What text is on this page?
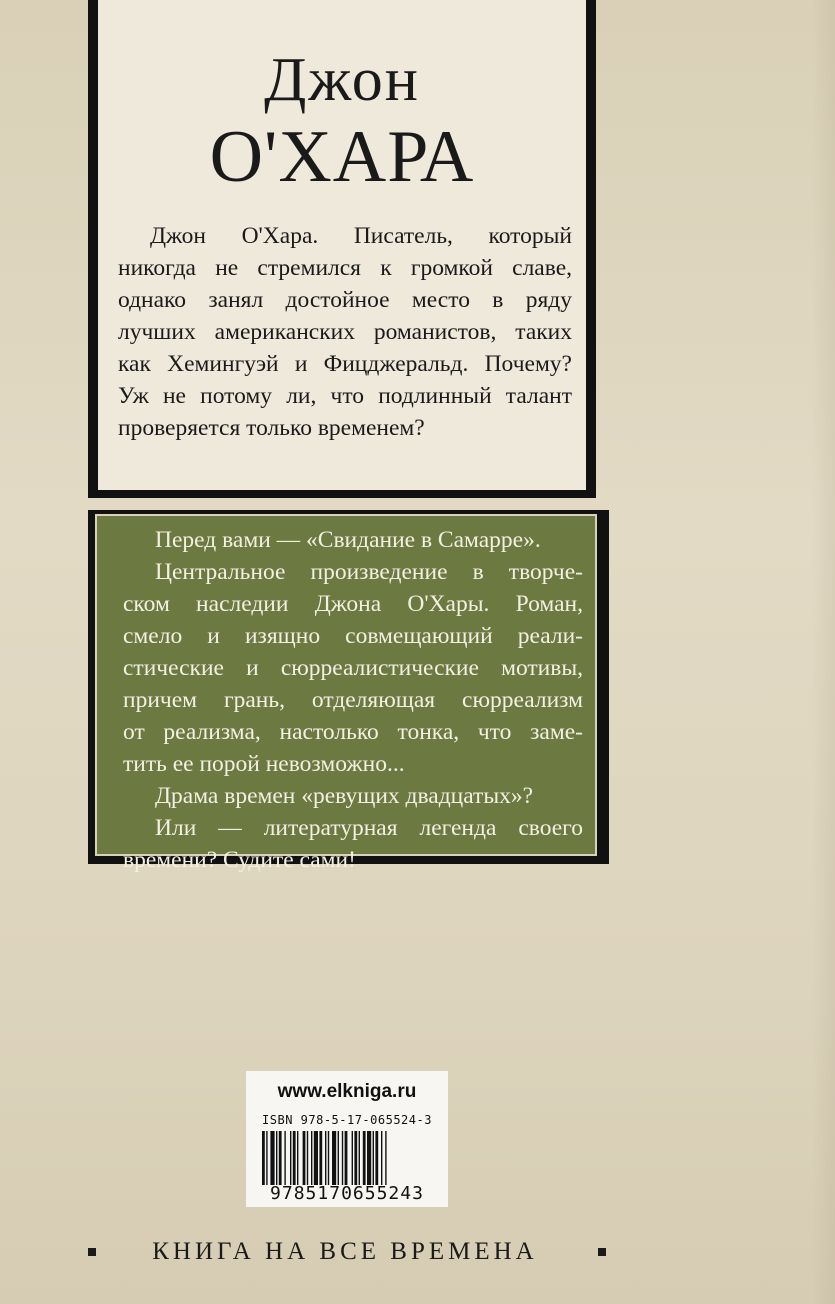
Джон
О'ХАРА
Джон О'Хара. Писатель, который
никогда не стремился к громкой славе,
однако занял достойное место в ряду
лучших американских романистов, таких
как Хемингуэй и Фицджеральд. Почему?
Уж не потому ли, что подлинный талант
проверяется только временем?
Перед вами — «Свидание в Самарре».
Центральное произведение в творче-
ском наследии Джона О'Хары. Роман,
смело и изящно совмещающий реали-
стические и сюрреалистические мотивы,
причем грань, отделяющая сюрреализм
от реализма, настолько тонка, что заме-
тить ее порой невозможно...
Драма времен «ревущих двадцатых»?
Или — литературная легенда своего
времени? Судите сами!
www.elkniga.ru
ISBN 978-5-17-065524-3
9785170655243
КНИГА НА ВСЕ ВРЕМЕНА
